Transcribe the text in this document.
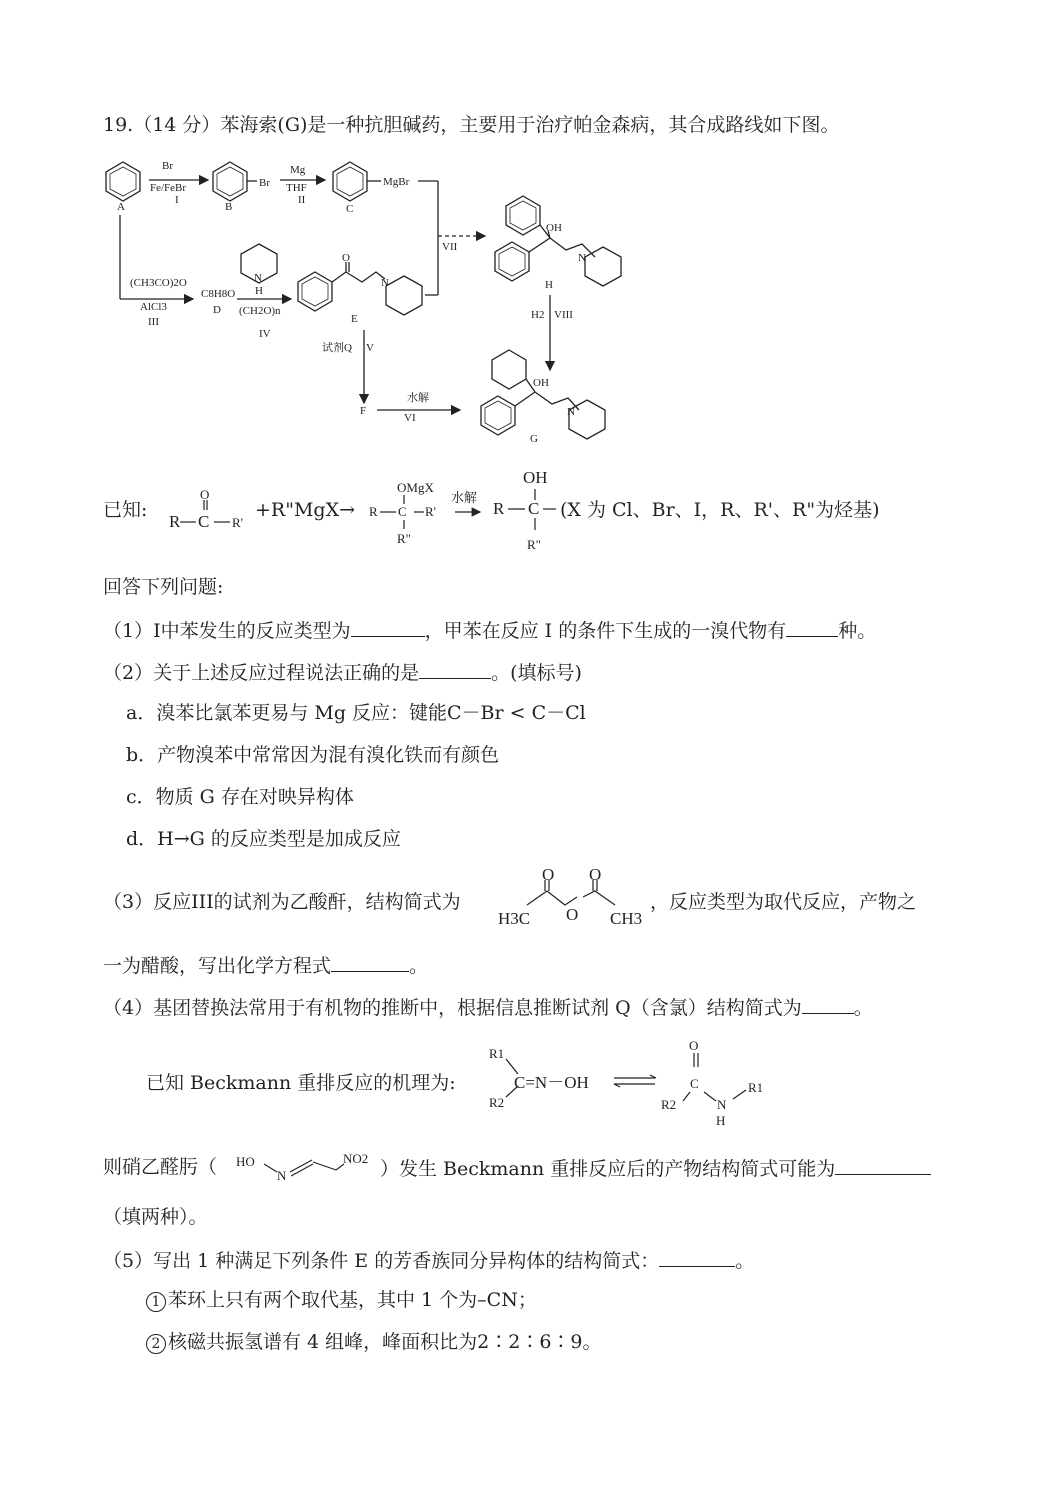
19.（14 分）苯海索(G)是一种抗胆碱药，主要用于治疗帕金森病，其合成路线如下图。
A
Br
Fe/FeBr
I
Br
B
Mg
THF
II
MgBr
C
VII
(CH3CO)2O
AlCl3
III
C8H8O
D
N
H
(CH2O)n
IV
O
N
E
试剂Q V
F
水解
VI
OH
N
H
H2 VIII
OH
N
G
O
R C R'
OMgX
R C R'
R"
水解
OH
R C
R"
O O
O
H3C	CH3
R1
R2
C=N－OH
O
C
R2	N
H
R1
HO
N
NO2
已知:	+R"MgX→	(X 为 Cl、Br、I，R、R'、R"为烃基)
回答下列问题:
（1）I中苯发生的反应类型为	，甲苯在反应 I 的条件下生成的一溴代物有	种。
（2）关于上述反应过程说法正确的是	。(填标号)
a．溴苯比氯苯更易与 Mg 反应：键能C－Br < C－Cl
b．产物溴苯中常常因为混有溴化铁而有颜色
c．物质 G 存在对映异构体
d．H→G 的反应类型是加成反应
（3）反应III的试剂为乙酸酐，结构简式为	，反应类型为取代反应，产物之
一为醋酸，写出化学方程式	。
（4）基团替换法常用于有机物的推断中，根据信息推断试剂 Q（含氯）结构简式为	。
已知 Beckmann 重排反应的机理为:
则硝乙醛肟（	）发生 Beckmann 重排反应后的产物结构简式可能为
（填两种）。
（5）写出 1 种满足下列条件 E 的芳香族同分异构体的结构简式：	。
1 苯环上只有两个取代基，其中 1 个为–CN；
2 核磁共振氢谱有 4 组峰，峰面积比为2∶2∶6∶9。
